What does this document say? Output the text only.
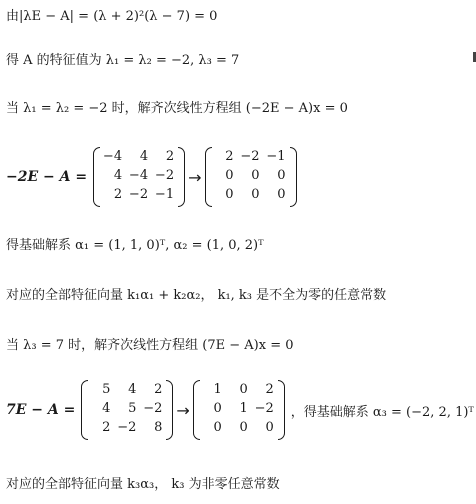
由|λE − A| = (λ + 2)²(λ − 7) = 0
得 A 的特征值为 λ₁ = λ₂ = −2, λ₃ = 7
当 λ₁ = λ₂ = −2 时，解齐次线性方程组 (−2E − A)x = 0
−2E − A =
−4	4	2
4 −4 −2
2 −2 −1
→
2 −2 −1
0	0	0
0	0	0
得基础解系 α₁ = (1, 1, 0)ᵀ, α₂ = (1, 0, 2)ᵀ
对应的全部特征向量 k₁α₁ + k₂α₂， k₁, k₃ 是不全为零的任意常数
当 λ₃ = 7 时，解齐次线性方程组 (7E − A)x = 0
7E − A =
5	4	2
4	5 −2
2 −2	8
→
1	0	2
0	1 −2
0	0	0
，得基础解系 α₃ = (−2, 2, 1)ᵀ
对应的全部特征向量 k₃α₃， k₃ 为非零任意常数
